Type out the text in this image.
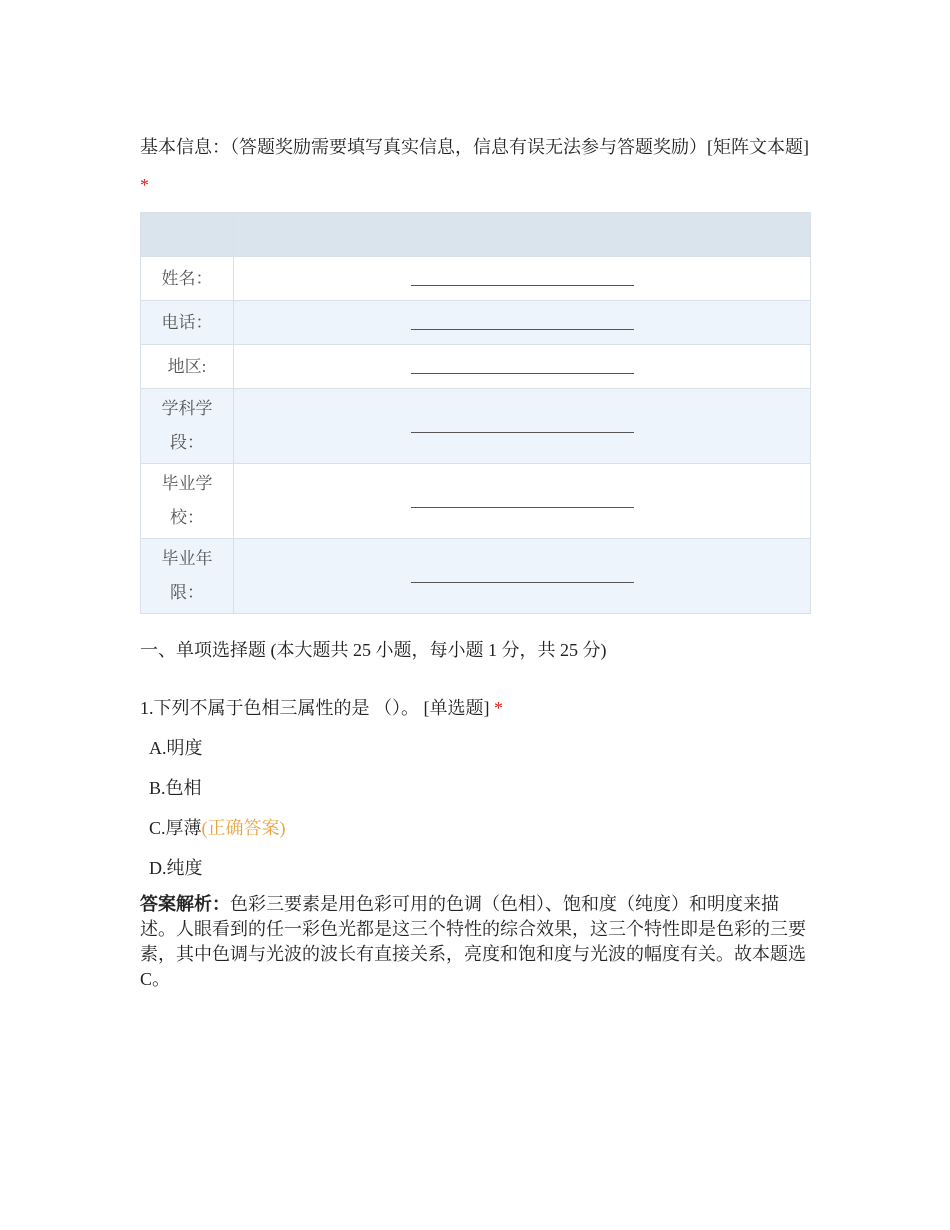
基本信息：（答题奖励需要填写真实信息，信息有误无法参与答题奖励）[矩阵文本题] *

姓名：	
电话：	
地区:	

学科学段：	

毕业学校：	

毕业年限：	

一、单项选择题 (本大题共 25 小题，每小题 1 分，共 25 分)
1.下列不属于色相三属性的是 （）。 [单选题] *
A.明度
B.色相
C.厚薄(正确答案)
D.纯度
答案解析：色彩三要素是用色彩可用的色调（色相）、饱和度（纯度）和明度来描述。人眼看到的任一彩色光都是这三个特性的综合效果，这三个特性即是色彩的三要素，其中色调与光波的波长有直接关系，亮度和饱和度与光波的幅度有关。故本题选 C。
